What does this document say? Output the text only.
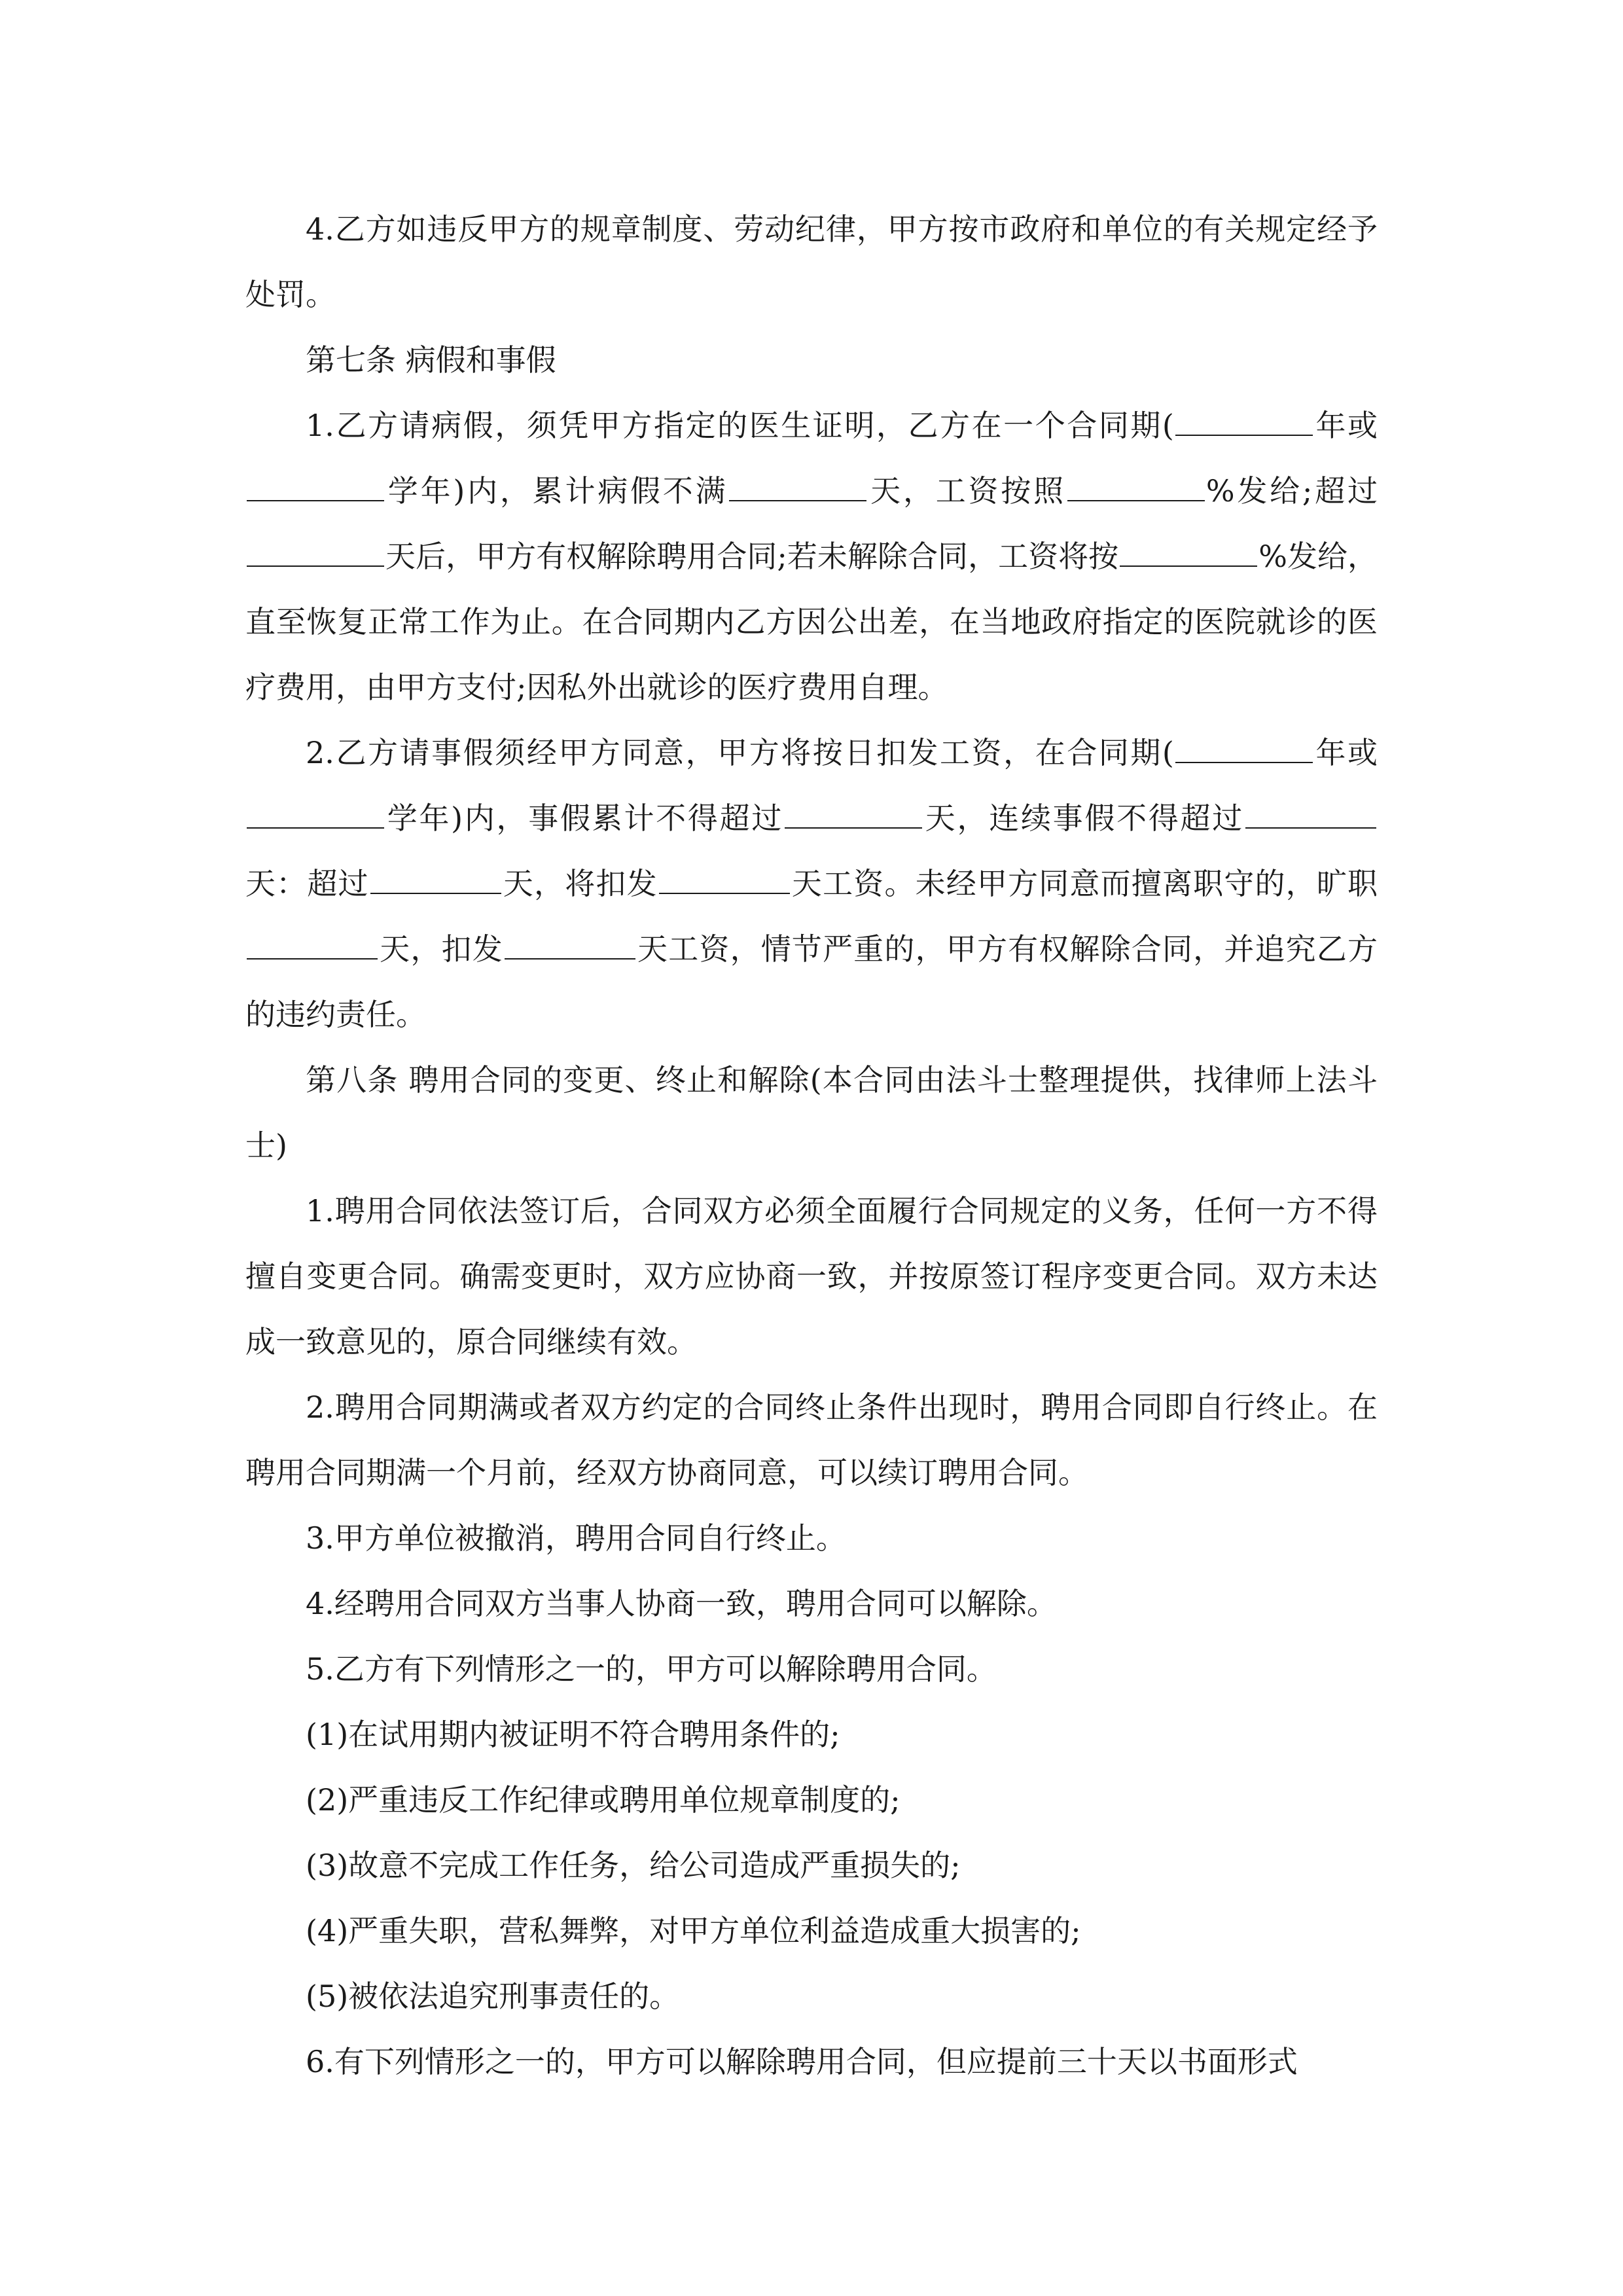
4.乙方如违反甲方的规章制度、劳动纪律，甲方按市政府和单位的有关规定经予处罚。

第七条 病假和事假

1.乙方请病假，须凭甲方指定的医生证明，乙方在一个合同期(	年或学年)内，累计病假不满	天，工资按照	%发给;超过 天后，甲方有权解除聘用合同;若未解除合同，工资将按	%发给，直至恢复正常工作为止。在合同期内乙方因公出差，在当地政府指定的医院就诊的医疗费用，由甲方支付;因私外出就诊的医疗费用自理。

2.乙方请事假须经甲方同意，甲方将按日扣发工资，在合同期(	年或学年)内，事假累计不得超过	天，连续事假不得超过天：超过	天，将扣发	天工资。未经甲方同意而擅离职守的，旷职天，扣发	天工资，情节严重的，甲方有权解除合同，并追究乙方的违约责任。

第八条 聘用合同的变更、终止和解除(本合同由法斗士整理提供，找律师上法斗士)

1.聘用合同依法签订后，合同双方必须全面履行合同规定的义务，任何一方不得擅自变更合同。确需变更时，双方应协商一致，并按原签订程序变更合同。双方未达成一致意见的，原合同继续有效。

2.聘用合同期满或者双方约定的合同终止条件出现时，聘用合同即自行终止。在聘用合同期满一个月前，经双方协商同意，可以续订聘用合同。

3.甲方单位被撤消，聘用合同自行终止。

4.经聘用合同双方当事人协商一致，聘用合同可以解除。

5.乙方有下列情形之一的，甲方可以解除聘用合同。

(1)在试用期内被证明不符合聘用条件的;

(2)严重违反工作纪律或聘用单位规章制度的;

(3)故意不完成工作任务，给公司造成严重损失的;

(4)严重失职，营私舞弊，对甲方单位利益造成重大损害的;

(5)被依法追究刑事责任的。

6.有下列情形之一的，甲方可以解除聘用合同，但应提前三十天以书面形式
